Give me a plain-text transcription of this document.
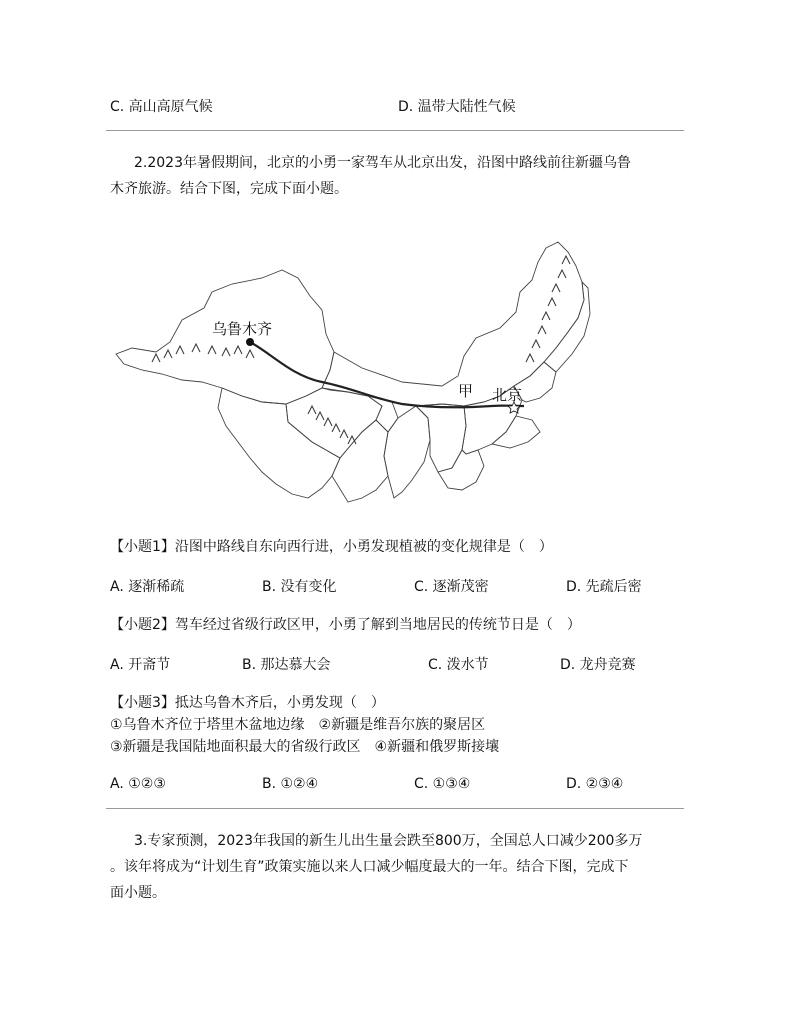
C. 高山高原气候	D. 温带大陆性气候
2.2023年暑假期间，北京的小勇一家驾车从北京出发，沿图中路线前往新疆乌鲁
木齐旅游。结合下图，完成下面小题。
乌鲁木齐
甲 北京
【小题1】沿图中路线自东向西行进，小勇发现植被的变化规律是（　）
A. 逐渐稀疏	B. 没有变化	C. 逐渐茂密	D. 先疏后密
【小题2】驾车经过省级行政区甲，小勇了解到当地居民的传统节日是（　）
A. 开斋节	B. 那达慕大会	C. 泼水节	D. 龙舟竞赛
【小题3】抵达乌鲁木齐后，小勇发现（　）
①乌鲁木齐位于塔里木盆地边缘　②新疆是维吾尔族的聚居区
③新疆是我国陆地面积最大的省级行政区　④新疆和俄罗斯接壤
A. ①②③	B. ①②④	C. ①③④	D. ②③④
3.专家预测，2023年我国的新生儿出生量会跌至800万，全国总人口减少200多万
。该年将成为“计划生育”政策实施以来人口减少幅度最大的一年。结合下图，完成下
面小题。
